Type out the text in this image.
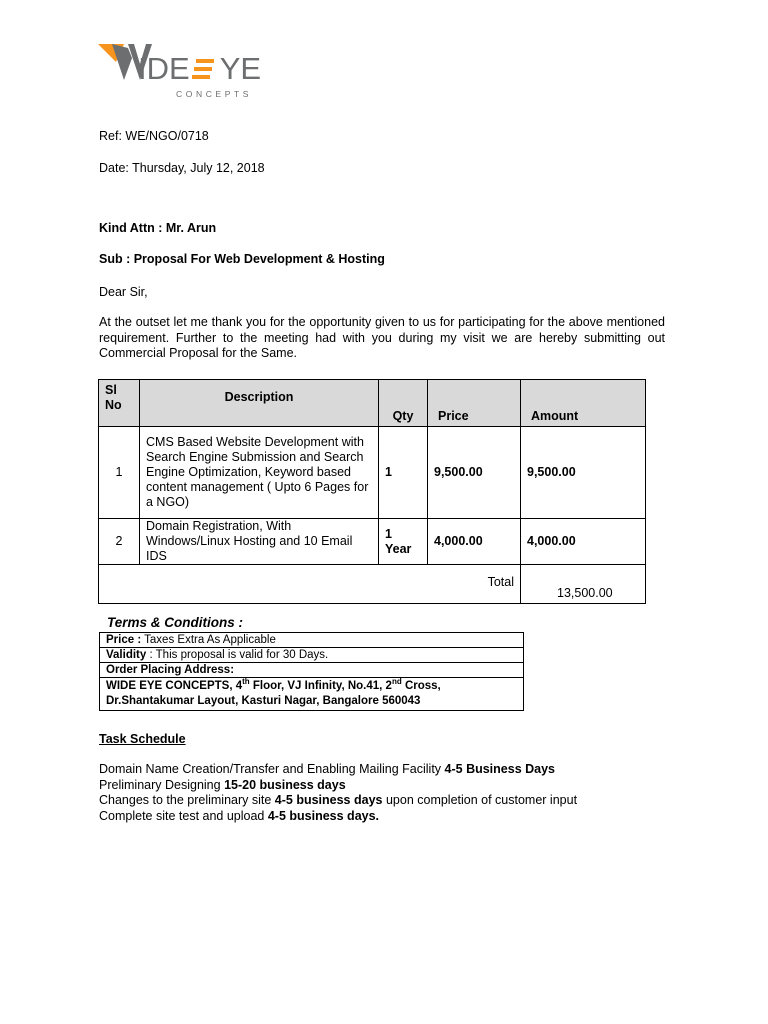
IDE YE
CONCEPTS
Ref: WE/NGO/0718
Date: Thursday, July 12, 2018
Kind Attn : Mr. Arun
Sub : Proposal For Web Development & Hosting
Dear Sir,
At the outset let me thank you for the opportunity given to us for participating for the above mentioned requirement. Further to the meeting had with you during my visit we are hereby submitting out Commercial Proposal for the Same.
Sl No	Description	Qty	Price	Amount
1	CMS Based Website Development with Search Engine Submission and Search Engine Optimization, Keyword based content management ( Upto 6 Pages for a NGO)	1	9,500.00	9,500.00
2	Domain Registration, With Windows/Linux Hosting and 10 Email IDS	1 Year	4,000.00	4,000.00
Total				13,500.00
Terms & Conditions :
Price : Taxes Extra As Applicable
Validity : This proposal is valid for 30 Days.
Order Placing Address:
WIDE EYE CONCEPTS, 4th Floor, VJ Infinity, No.41, 2nd Cross,
Dr.Shantakumar Layout, Kasturi Nagar, Bangalore 560043
Task Schedule
Domain Name Creation/Transfer and Enabling Mailing Facility 4-5 Business Days
Preliminary Designing 15-20 business days
Changes to the preliminary site 4-5 business days upon completion of customer input
Complete site test and upload 4-5 business days.
